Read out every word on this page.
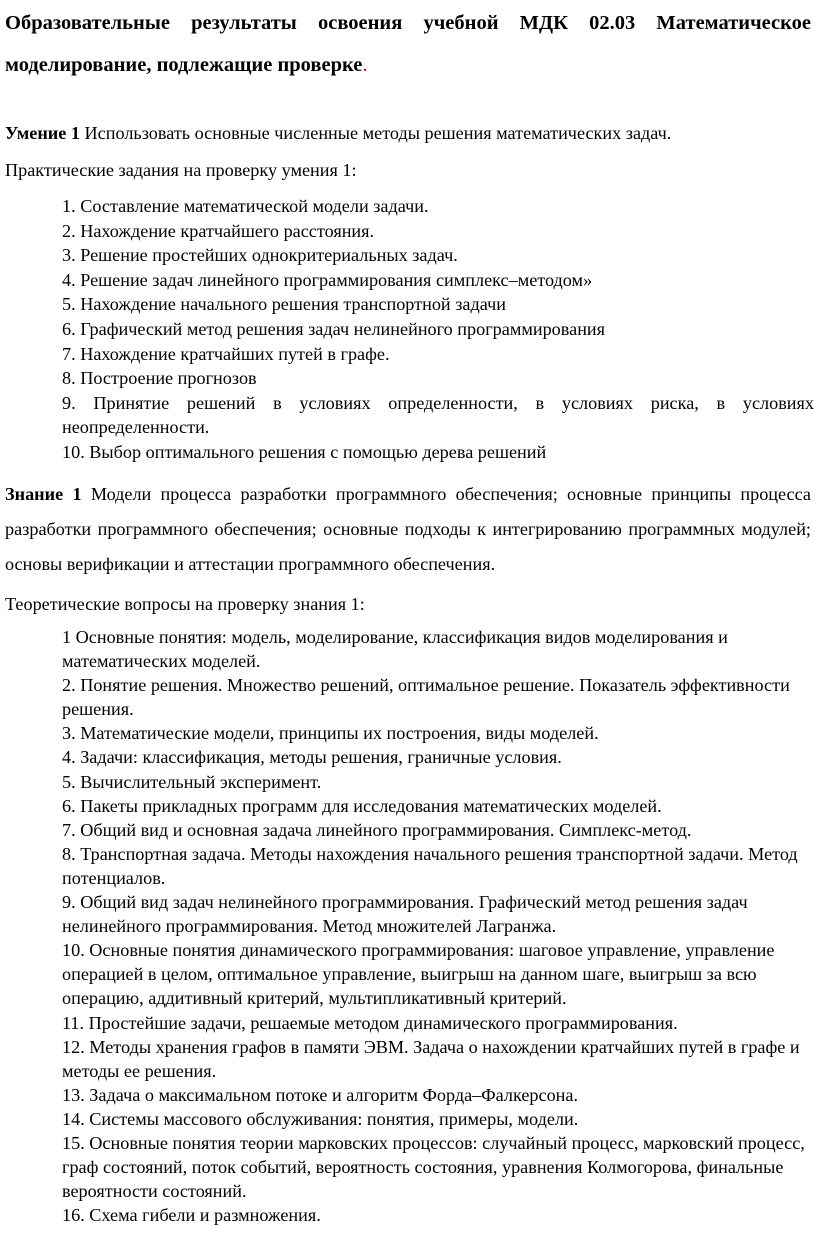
Образовательные результаты освоения учебной МДК 02.03 Математическое моделирование, подлежащие проверке.

Умение 1 Использовать основные численные методы решения математических задач.

Практические задания на проверку умения 1:

1. Составление математической модели задачи.
2. Нахождение кратчайшего расстояния.
3. Решение простейших однокритериальных задач.
4. Решение задач линейного программирования симплекс–методом»
5. Нахождение начального решения транспортной задачи
6. Графический метод решения задач нелинейного программирования
7. Нахождение кратчайших путей в графе.
8. Построение прогнозов
9. Принятие решений в условиях определенности, в условиях риска, в условиях неопределенности.
10. Выбор оптимального решения с помощью дерева решений

Знание 1 Модели процесса разработки программного обеспечения; основные принципы процесса разработки программного обеспечения; основные подходы к интегрированию программных модулей; основы верификации и аттестации программного обеспечения.

Теоретические вопросы на проверку знания 1:

1 Основные понятия: модель, моделирование, классификация видов моделирования и математических моделей.
2. Понятие решения. Множество решений, оптимальное решение. Показатель эффективности решения.
3. Математические модели, принципы их построения, виды моделей.
4. Задачи: классификация, методы решения, граничные условия.
5. Вычислительный эксперимент.
6. Пакеты прикладных программ для исследования математических моделей.
7. Общий вид и основная задача линейного программирования. Симплекс-метод.
8. Транспортная задача. Методы нахождения начального решения транспортной задачи. Метод потенциалов.
9. Общий вид задач нелинейного программирования. Графический метод решения задач нелинейного программирования. Метод множителей Лагранжа.
10. Основные понятия динамического программирования: шаговое управление, управление операцией в целом, оптимальное управление, выигрыш на данном шаге, выигрыш за всю операцию, аддитивный критерий, мультипликативный критерий.
11. Простейшие задачи, решаемые методом динамического программирования.
12. Методы хранения графов в памяти ЭВМ. Задача о нахождении кратчайших путей в графе и методы ее решения.
13. Задача о максимальном потоке и алгоритм Форда–Фалкерсона.
14. Системы массового обслуживания: понятия, примеры, модели.
15. Основные понятия теории марковских процессов: случайный процесс, марковский процесс, граф состояний, поток событий, вероятность состояния, уравнения Колмогорова, финальные вероятности состояний.
16. Схема гибели и размножения.
